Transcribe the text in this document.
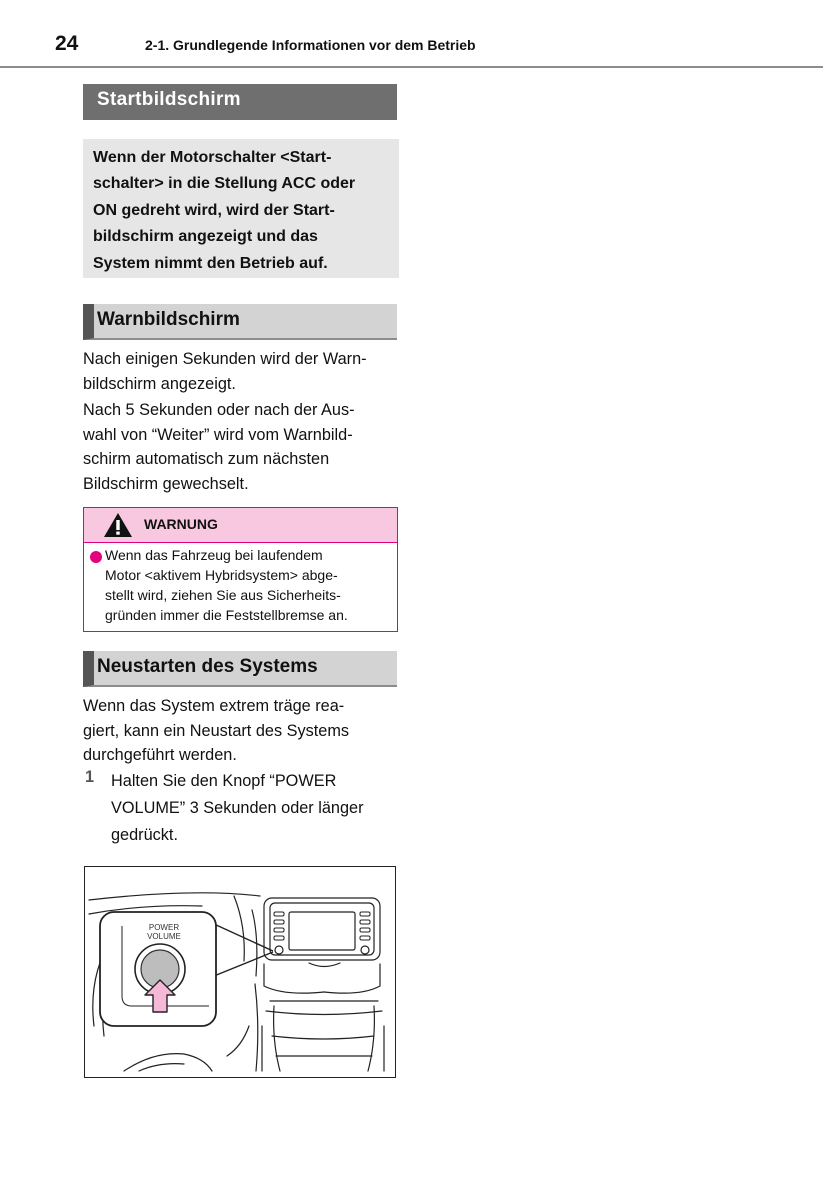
24	2-1. Grundlegende Informationen vor dem Betrieb
Startbildschirm
Wenn der Motorschalter <Start-
schalter> in die Stellung ACC oder
ON gedreht wird, wird der Start-
bildschirm angezeigt und das
System nimmt den Betrieb auf.
Warnbildschirm
Nach einigen Sekunden wird der Warn-
bildschirm angezeigt.
Nach 5 Sekunden oder nach der Aus-
wahl von “Weiter” wird vom Warnbild-
schirm automatisch zum nächsten
Bildschirm gewechselt.
WARNUNG
Wenn das Fahrzeug bei laufendem
Motor <aktivem Hybridsystem> abge-
stellt wird, ziehen Sie aus Sicherheits-
gründen immer die Feststellbremse an.
Neustarten des Systems
Wenn das System extrem träge rea-
giert, kann ein Neustart des Systems
durchgeführt werden.
1 Halten Sie den Knopf “POWER
VOLUME” 3 Sekunden oder länger
gedrückt.
POWER
VOLUME
